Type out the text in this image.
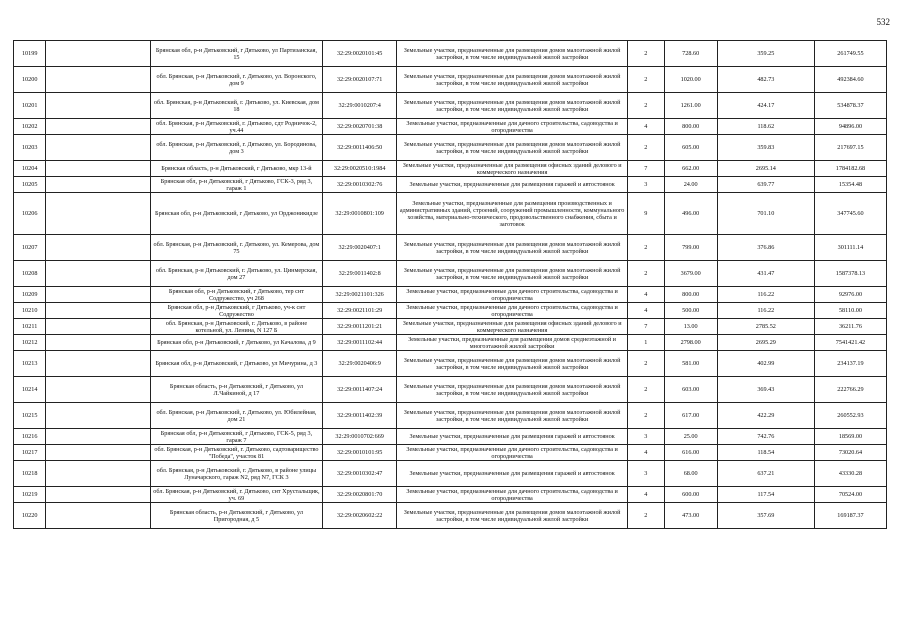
532
10199		Брянская обл, р-н Дятьковский, г Дятьково, ул Партизанская, 15	32:29:0020101:45	Земельные участки, предназначенные для размещения домов малоэтажной жилой застройки, в том числе индивидуальной жилой застройки	2	728.60	359.25	261749.55
10200		обл. Брянская, р-н Дятьковский, г. Дятьково, ул. Воронского, дом 9	32:29:0020107:71	Земельные участки, предназначенные для размещения домов малоэтажной жилой застройки, в том числе индивидуальной жилой застройки	2	1020.00	482.73	492384.60
10201		обл. Брянская, р-н Дятьковский, г. Дятьково, ул. Киевская, дом 18	32:29:0010207:4	Земельные участки, предназначенные для размещения домов малоэтажной жилой застройки, в том числе индивидуальной жилой застройки	2	1261.00	424.17	534878.37
10202		обл. Брянская, р-н Дятьковский, г. Дятьково, сдт Родничок-2, уч.44	32:29:0020701:38	Земельные участки, предназначенные для дачного строительства, садоводства и огородничества	4	800.00	118.62	94896.00
10203		обл. Брянская, р-н Дятьковский, г. Дятьково, ул. Бородинова, дом 3	32:29:0011406:50	Земельные участки, предназначенные для размещения домов малоэтажной жилой застройки, в том числе индивидуальной жилой застройки	2	605.00	359.83	217697.15
10204		Брянская область, р-н Дятьковский, г Дятьково, мкр 13-й	32:29:0020510:1984	Земельные участки, предназначенные для размещения офисных зданий делового и коммерческого назначения	7	662.00	2695.14	1784182.68
10205		Брянская обл, р-н Дятьковский, г Дятьково, ГСК-3, ряд 3, гараж 1	32:29:0010302:76	Земельные участки, предназначенные для размещения гаражей и автостоянок	3	24.00	639.77	15354.48
10206		Брянская обл, р-н Дятьковский, г Дятьково, ул Орджоникидзе	32:29:0010801:109	Земельные участки, предназначенные для размещения производственных и административных зданий, строений, сооружений промышленности, коммунального хозяйства, материально-технического, продовольственного снабжения, сбыта и заготовок	9	496.00	701.10	347745.60
10207		обл. Брянская, р-н Дятьковский, г. Дятьково, ул. Кемерова, дом 75	32:29:0020407:1	Земельные участки, предназначенные для размещения домов малоэтажной жилой застройки, в том числе индивидуальной жилой застройки	2	799.00	376.86	301111.14
10208		обл. Брянская, р-н Дятьковский, г. Дятьково, ул. Цинмерская, дом 27	32:29:0011402:8	Земельные участки, предназначенные для размещения домов малоэтажной жилой застройки, в том числе индивидуальной жилой застройки	2	3679.00	431.47	1587378.13
10209		Брянская обл, р-н Дятьковский, г Дятьково, тер снт Содружество, уч 268	32:29:0021101:326	Земельные участки, предназначенные для дачного строительства, садоводства и огородничества	4	800.00	116.22	92976.00
10210		Брянская обл, р-н Дятьковский, г Дятьково, уч-к снт Содружество	32:29:0021101:29	Земельные участки, предназначенные для дачного строительства, садоводства и огородничества	4	500.00	116.22	58110.00
10211		обл. Брянская, р-н Дятьковский, г. Дятьково, в районе котельной, ул. Ленина, N 127 Б	32:29:0011201:21	Земельные участки, предназначенные для размещения офисных зданий делового и коммерческого назначения	7	13.00	2785.52	36211.76
10212		Брянская обл, р-н Дятьковский, г Дятьково, ул Качалова, д 9	32:29:0011102:44	Земельные участки, предназначенные для размещения домов среднеэтажной и многоэтажной жилой застройки	1	2798.00	2695.29	7541421.42
10213		Брянская обл, р-н Дятьковский, г Дятьково, ул Мичурина, д 3	32:29:0020406:9	Земельные участки, предназначенные для размещения домов малоэтажной жилой застройки, в том числе индивидуальной жилой застройки	2	581.00	402.99	234137.19
10214		Брянская область, р-н Дятьковский, г Дятьково, ул Л.Чайкиной, д 17	32:29:0011407:24	Земельные участки, предназначенные для размещения домов малоэтажной жилой застройки, в том числе индивидуальной жилой застройки	2	603.00	369.43	222766.29
10215		обл. Брянская, р-н Дятьковский, г. Дятьково, ул. Юбилейная, дом 21	32:29:0011402:39	Земельные участки, предназначенные для размещения домов малоэтажной жилой застройки, в том числе индивидуальной жилой застройки	2	617.00	422.29	260552.93
10216		Брянская обл, р-н Дятьковский, г Дятьково, ГСК-5, ряд 3, гараж 7	32:29:0010702:669	Земельные участки, предназначенные для размещения гаражей и автостоянок	3	25.00	742.76	18569.00
10217		обл. Брянская, р-н Дятьковский, г. Дятьково, садтоварищество "Победа", участок 81	32:29:0010101:95	Земельные участки, предназначенные для дачного строительства, садоводства и огородничества	4	616.00	118.54	73020.64
10218		обл. Брянская, р-н Дятьковский, г. Дятьково, в районе улицы Луначарского, гараж N2, ряд N7, ГСК 3	32:29:0010302:47	Земельные участки, предназначенные для размещения гаражей и автостоянок	3	68.00	637.21	43330.28
10219		обл. Брянская, р-н Дятьковский, г. Дятьково, снт Хрустальщик, уч. 69	32:29:0020801:70	Земельные участки, предназначенные для дачного строительства, садоводства и огородничества	4	600.00	117.54	70524.00
10220		Брянская область, р-н Дятьковский, г Дятьково, ул Пригородная, д 5	32:29:0020602:22	Земельные участки, предназначенные для размещения домов малоэтажной жилой застройки, в том числе индивидуальной жилой застройки	2	473.00	357.69	169187.37
